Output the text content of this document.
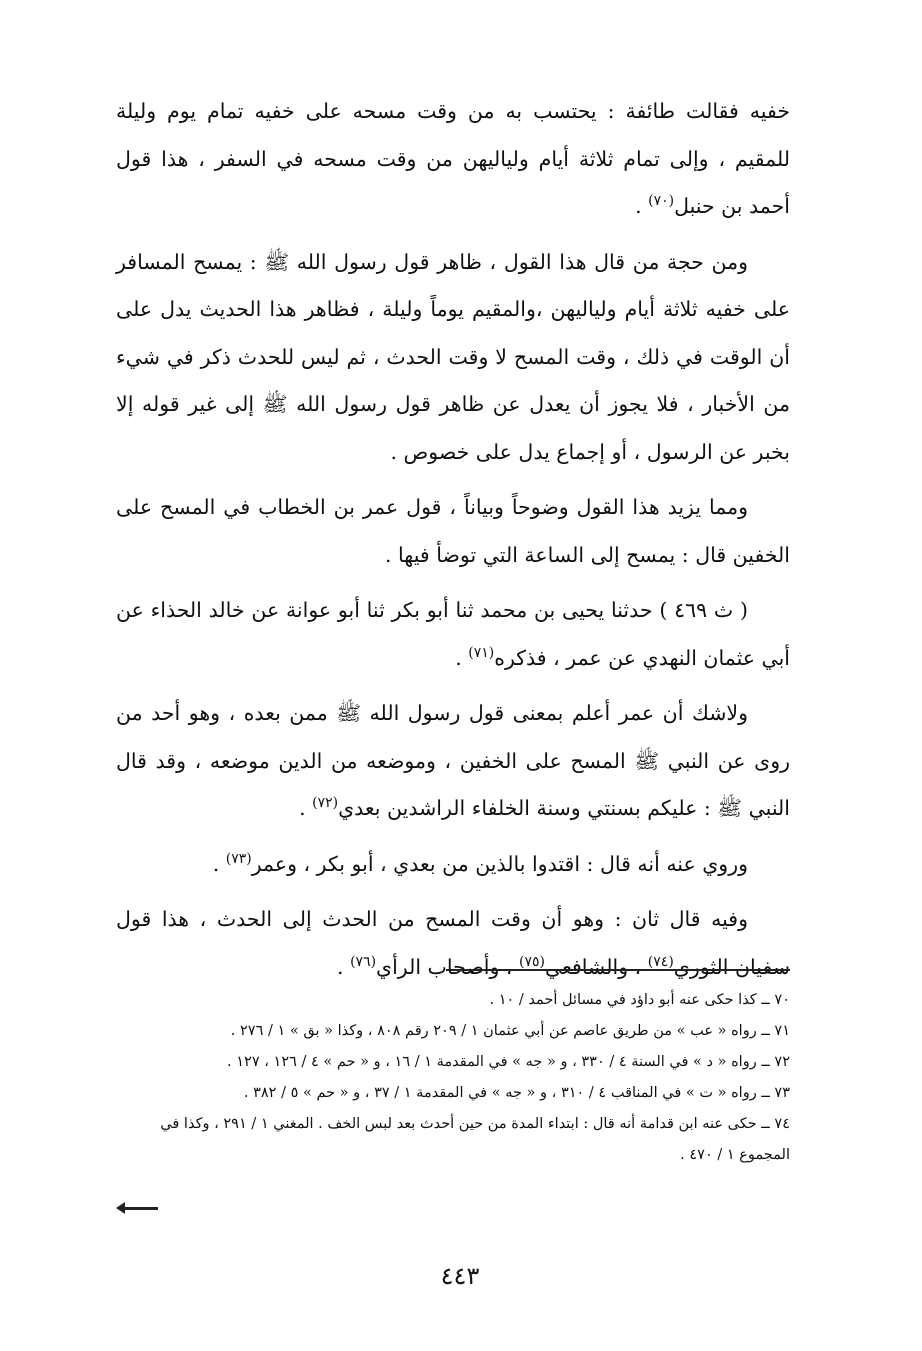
خفيه فقالت طائفة : يحتسب به من وقت مسحه على خفيه تمام يوم وليلة للمقيم ، وإلى تمام ثلاثة أيام ولياليهن من وقت مسحه في السفر ، هذا قول أحمد بن حنبل$^{(٧٠)}$ .

ومن حجة من قال هذا القول ، ظاهر قول رسول الله ﷺ : يمسح المسافر على خفيه ثلاثة أيام ولياليهن ،والمقيم يوماً وليلة ، فظاهر هذا الحديث يدل على أن الوقت في ذلك ، وقت المسح لا وقت الحدث ، ثم ليس للحدث ذكر في شيء من الأخبار ، فلا يجوز أن يعدل عن ظاهر قول رسول الله ﷺ إلى غير قوله إلا بخبر عن الرسول ، أو إجماع يدل على خصوص .

ومما يزيد هذا القول وضوحاً وبياناً ، قول عمر بن الخطاب في المسح على الخفين قال : يمسح إلى الساعة التي توضأ فيها .

( ث ٤٦٩ ) حدثنا يحيى بن محمد ثنا أبو بكر ثنا أبو عوانة عن خالد الحذاء عن أبي عثمان النهدي عن عمر ، فذكره$^{(٧١)}$ .

ولاشك أن عمر أعلم بمعنى قول رسول الله ﷺ ممن بعده ، وهو أحد من روى عن النبي ﷺ المسح على الخفين ، وموضعه من الدين موضعه ، وقد قال النبي ﷺ : عليكم بسنتي وسنة الخلفاء الراشدين بعدي$^{(٧٢)}$ .

وروي عنه أنه قال : اقتدوا بالذين من بعدي ، أبو بكر ، وعمر$^{(٧٣)}$ .

وفيه قال ثان : وهو أن وقت المسح من الحدث إلى الحدث ، هذا قول سفيان الثوري$^{(٧٤)}$ ، والشافعي$^{(٧٥)}$ ، وأصحاب الرأي$^{(٧٦)}$ .

٧٠ ــ كذا حكى عنه أبو داؤد في مسائل أحمد / ١٠ .

٧١ ــ رواه « عب » من طريق عاصم عن أبي عثمان ١ / ٢٠٩ رقم ٨٠٨ ، وكذا « بق » ١ / ٢٧٦ .

٧٢ ــ رواه « د » في السنة ٤ / ٣٣٠ ، و « جه » في المقدمة ١ / ١٦ ، و « حم » ٤ / ١٢٦ ، ١٢٧ .

٧٣ ــ رواه « ت » في المناقب ٤ / ٣١٠ ، و « جه » في المقدمة ١ / ٣٧ ، و « حم » ٥ / ٣٨٢ .

٧٤ ــ حكى عنه ابن قدامة أنه قال : ابتداء المدة من حين أحدث بعد لبس الخف . المغني ١ / ٢٩١ ، وكذا في المجموع ١ / ٤٧٠ .

٤٤٣
